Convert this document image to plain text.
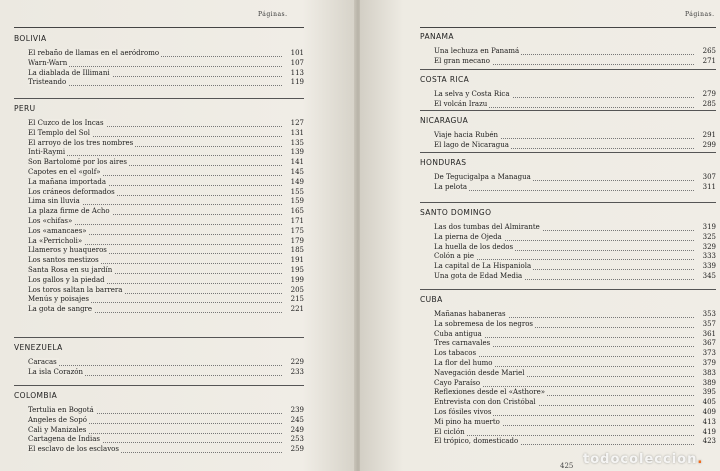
Páginas.
BOLIVIA
El rebaño de llamas en el aeródromo	101
Warn-Warn	107
La diablada de Illimani	113
Tristeando	119
PERU
El Cuzco de los Incas	127
El Templo del Sol	131
El arroyo de los tres nombres	135
Inti-Raymi	139
Son Bartolomé por los aires	141
Capotes en el «golf»	145
La mañana importada	149
Los cráneos deformados	155
Lima sin lluvia	159
La plaza firme de Acho	165
Los «chifas»	171
Los «amancaes»	175
La «Perricholi»	179
Llameros y huaqueros	185
Los santos mestizos	191
Santa Rosa en su jardín	195
Los gallos y la piedad	199
Los toros saltan la barrera	205
Menús y poisajes	215
La gota de sangre	221
VENEZUELA
Caracas	229
La isla Corazón	233
COLOMBIA
Tertulia en Bogotá	239
Angeles de Sopó	245
Cali y Manizales	249
Cartagena de Indias	253
El esclavo de los esclavos	259
Páginas.
PANAMA
Una lechuza en Panamá	265
El gran mecano	271
COSTA RICA
La selva y Costa Rica	279
El volcán Irazu	285
NICARAGUA
Viaje hacia Rubén	291
El lago de Nicaragua	299
HONDURAS
De Tegucigalpa a Managua	307
La pelota	311
SANTO DOMINGO
Las dos tumbas del Almirante	319
La pierna de Ojeda	325
La huella de los dedos	329
Colón a pie	333
La capital de La Hispaniola	339
Una gota de Edad Media	345
CUBA
Mañanas habaneras	353
La sobremesa de los negros	357
Cuba antigua	361
Tres carnavales	367
Los tabacos	373
La flor del humo	379
Navegación desde Mariel	383
Cayo Paraíso	389
Reflexiones desde el «Asthore»	395
Entrevista con don Cristóbal	405
Los fósiles vivos	409
Mi pino ha muerto	413
El ciclón	419
El trópico, domesticado	423
425 todocoleccion.
